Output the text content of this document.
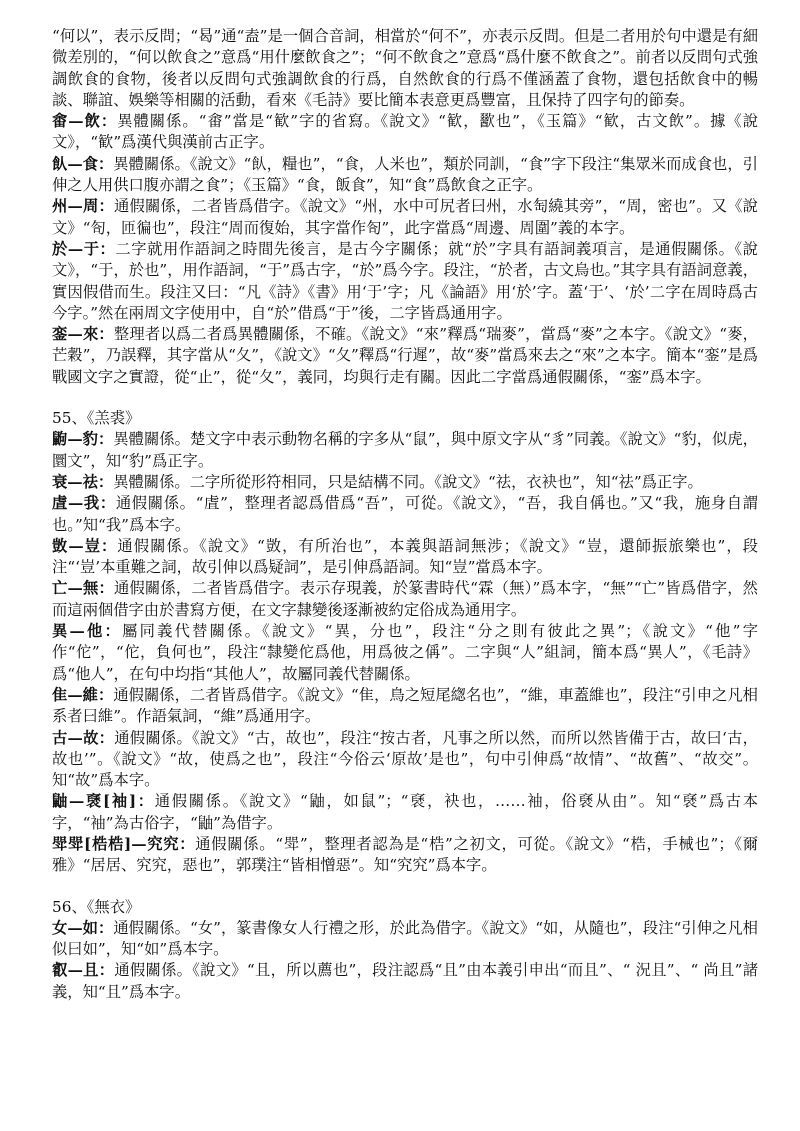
“何以”，表示反問；“曷”通“盍”是一個合音詞，相當於“何不”，亦表示反問。但是二者用於句中還是有細微差別的，“何以飲食之”意爲“用什麼飲食之”；“何不飲食之”意爲“爲什麼不飲食之”。前者以反問句式強調飲食的食物，後者以反問句式強調飲食的行爲，自然飲食的行爲不僅涵蓋了食物，還包括飲食中的暢談、聯誼、娛樂等相關的活動，看來《毛詩》要比簡本表意更爲豐富，且保持了四字句的節奏。

畬—飲：異體關係。“畬”當是“歓”字的省寫。《說文》“歓，歠也”，《玉篇》“歓，古文飲”。據《說文》，“歓”爲漢代與漢前古正字。

飤—食：異體關係。《說文》“飤，糧也”，“食，人米也”，類於同訓，“食”字下段注“集眾米而成食也，引伸之人用供口腹亦謂之食”；《玉篇》“食，飯食”，知“食”爲飲食之正字。

州—周：通假關係，二者皆爲借字。《說文》“州，水中可尻者曰州，水匋繞其旁”，“周，密也”。又《說文》“匌，匝徧也”，段注“周而復始，其字當作匌”，此字當爲“周邊、周圍”義的本字。

於—于：二字就用作語詞之時間先後言，是古今字關係；就“於”字具有語詞義項言，是通假關係。《說文》，“于，於也”，用作語詞，“于”爲古字，“於”爲今字。段注，“於者，古文烏也。”其字具有語詞意義，實因假借而生。段注又曰：“凡《詩》《書》用‘于’字；凡《論語》用‘於’字。蓋‘于’、‘於’二字在周時爲古今字。”然在兩周文字使用中，自“於”借爲“于”後，二字皆爲通用字。

銮—來：整理者以爲二者爲異體關係，不確。《說文》“來”釋爲“瑞麥”，當爲“麥”之本字。《說文》“麥，芒穀”，乃誤釋，其字當从“夂”，《說文》“夂”釋爲“行遲”，故“麥”當爲來去之“來”之本字。簡本“銮”是爲戰國文字之實證，從“止”，從“夂”，義同，均與行走有關。因此二字當爲通假關係，“銮”爲本字。

55、《羔裘》

鼩—豹：異體關係。楚文字中表示動物名稱的字多从“鼠”，與中原文字从“豸”同義。《說文》“豹，似虎，圜文”，知“豹”爲正字。

衰—祛：異體關係。二字所從形符相同，只是結構不同。《說文》“祛，衣袂也”，知“祛”爲正字。

虘—我：通假關係。“虘”，整理者認爲借爲“吾”，可從。《說文》，“吾，我自偁也。”又“我，施身自謂也。”知“我”爲本字。

敳—豈：通假關係。《說文》“敳，有所治也”，本義與語詞無涉；《說文》“豈，還師振旅樂也”，段注“‘豈’本重難之詞，故引伸以爲疑詞”，是引伸爲語詞。知“豈”當爲本字。

亡—無：通假關係，二者皆爲借字。表示存現義，於篆書時代“霖（無）”爲本字，“無”“亡”皆爲借字，然而這兩個借字由於書寫方便，在文字隸變後逐漸被約定俗成為通用字。

異—他：屬同義代替關係。《說文》“異，分也”，段注“分之則有彼此之異”；《說文》“他”字作“佗”，“佗，負何也”，段注“隸變佗爲他，用爲彼之偁”。二字與“人”組詞，簡本爲“異人”，《毛詩》爲“他人”，在句中均指“其他人”，故屬同義代替關係。

隹—維：通假關係，二者皆爲借字。《說文》“隹，鳥之短尾緫名也”，“維，車蓋維也”，段注“引申之凡相系者曰維”。作語氣詞，“維”爲通用字。

古—故：通假關係。《說文》“古，故也”，段注“按古者，凡事之所以然，而所以然皆備于古，故曰‘古，故也’”。《說文》“故，使爲之也”，段注“今俗云‘原故’是也”，句中引伸爲“故情”、“故舊”、“故交”。知“故”爲本字。

鼬—褎[袖]：通假關係。《說文》“鼬，如鼠”；“褎，袂也，……袖，俗褎从由”。知“褎”爲古本字，“袖”為古俗字，“鼬”為借字。

斝斝[梏梏]—究究：通假關係。“斝”，整理者認為是“梏”之初文，可從。《說文》“梏，手械也”；《爾雅》“居居、究究，惡也”，郭璞注“皆相憎惡”。知“究究”爲本字。

56、《無衣》

女—如：通假關係。“女”，篆書像女人行禮之形，於此為借字。《說文》“如，从隨也”，段注“引伸之凡相似曰如”，知“如”爲本字。

叡—且：通假關係。《說文》“且，所以薦也”，段注認爲“且”由本義引申出“而且”、“ 況且”、“ 尚且”諸義，知“且”爲本字。
